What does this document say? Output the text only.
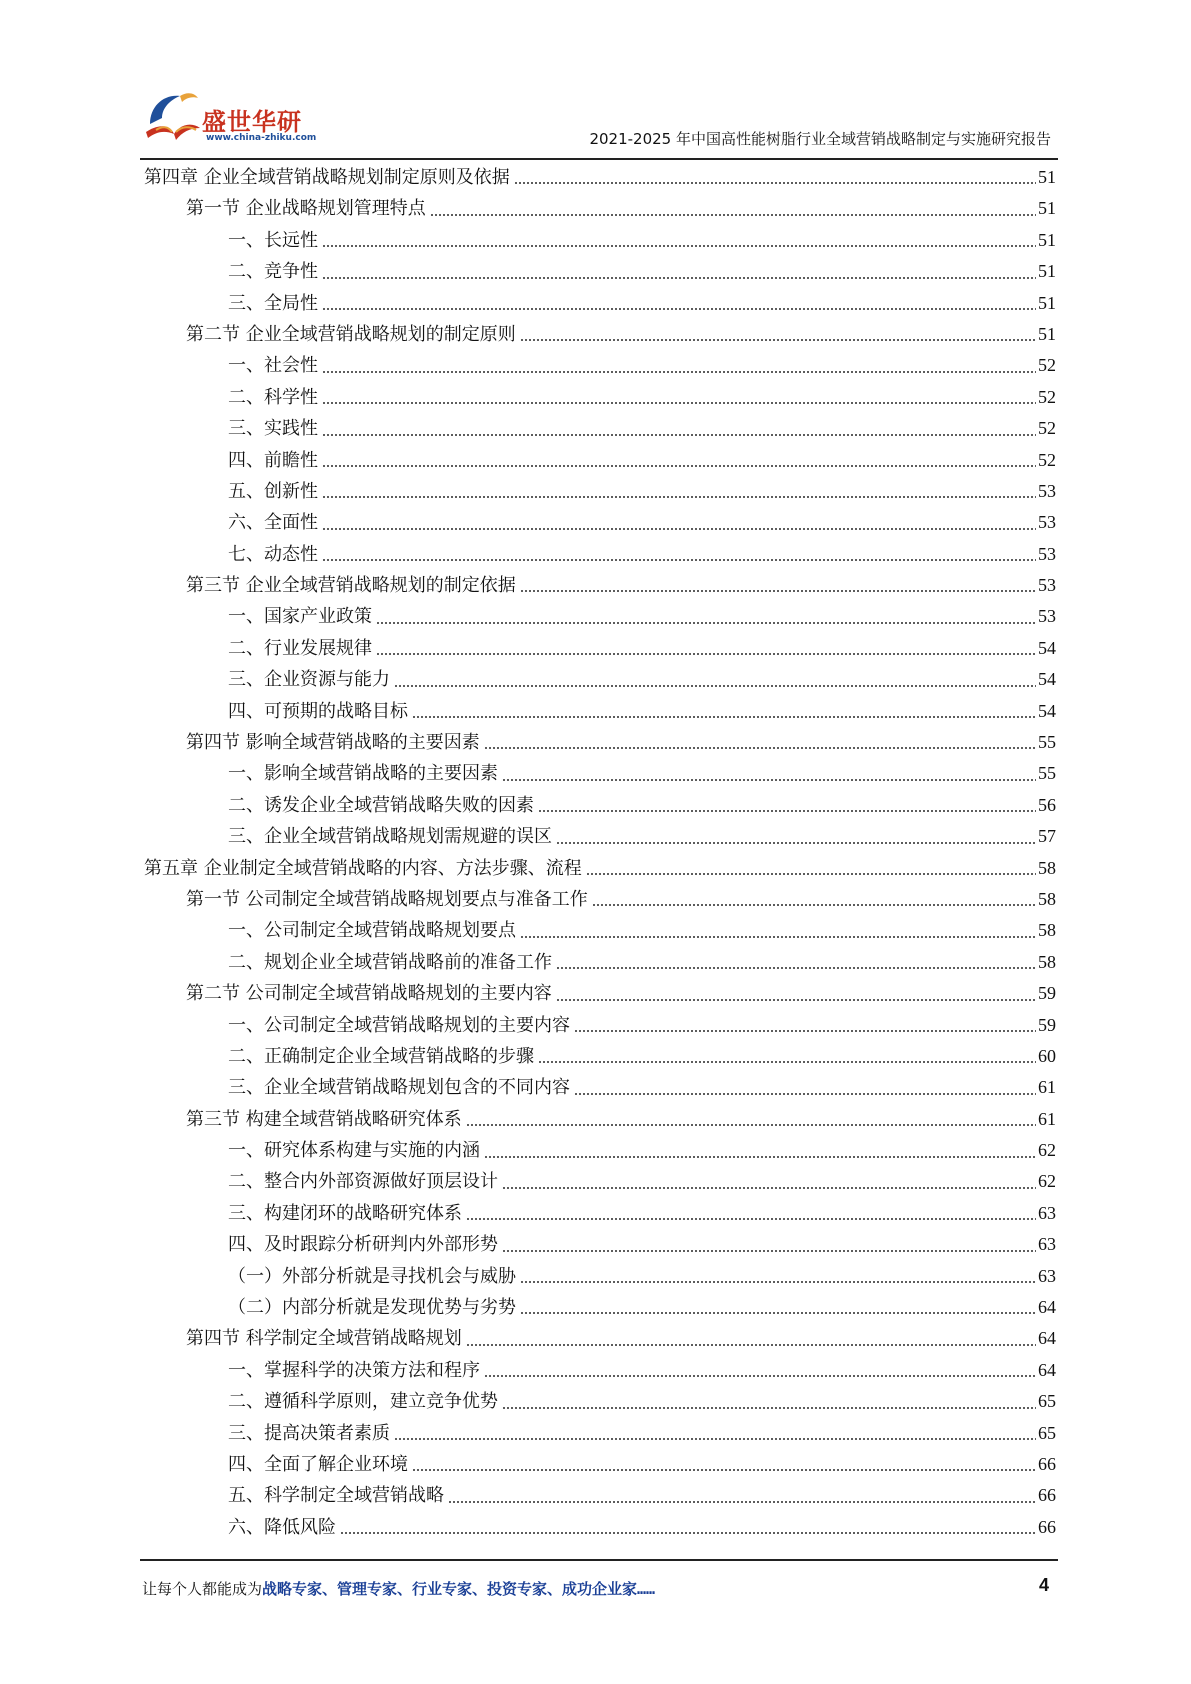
盛世华研
www.china-zhiku.com	2021-2025 年中国高性能树脂行业全域营销战略制定与实施研究报告
第四章 企业全域营销战略规划制定原则及依据	51
第一节 企业战略规划管理特点	51
一、长远性	51
二、竞争性	51
三、全局性	51
第二节 企业全域营销战略规划的制定原则	51
一、社会性	52
二、科学性	52
三、实践性	52
四、前瞻性	52
五、创新性	53
六、全面性	53
七、动态性	53
第三节 企业全域营销战略规划的制定依据	53
一、国家产业政策	53
二、行业发展规律	54
三、企业资源与能力	54
四、可预期的战略目标	54
第四节 影响全域营销战略的主要因素	55
一、影响全域营销战略的主要因素	55
二、诱发企业全域营销战略失败的因素	56
三、企业全域营销战略规划需规避的误区	57
第五章 企业制定全域营销战略的内容、方法步骤、流程	58
第一节 公司制定全域营销战略规划要点与准备工作	58
一、公司制定全域营销战略规划要点	58
二、规划企业全域营销战略前的准备工作	58
第二节 公司制定全域营销战略规划的主要内容	59
一、公司制定全域营销战略规划的主要内容	59
二、正确制定企业全域营销战略的步骤	60
三、企业全域营销战略规划包含的不同内容	61
第三节 构建全域营销战略研究体系	61
一、研究体系构建与实施的内涵	62
二、整合内外部资源做好顶层设计	62
三、构建闭环的战略研究体系	63
四、及时跟踪分析研判内外部形势	63
（一）外部分析就是寻找机会与威胁	63
（二）内部分析就是发现优势与劣势	64
第四节 科学制定全域营销战略规划	64
一、掌握科学的决策方法和程序	64
二、遵循科学原则，建立竞争优势	65
三、提高决策者素质	65
四、全面了解企业环境	66
五、科学制定全域营销战略	66
六、降低风险	66
让每个人都能成为战略专家、管理专家、行业专家、投资专家、成功企业家……	4
